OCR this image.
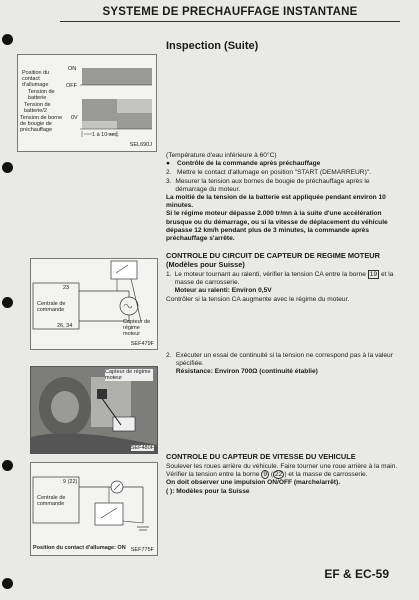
SYSTEME DE PRECHAUFFAGE INSTANTANE
Inspection (Suite)
Position du contact d'allumage
ON
OFF
Tension de batterie
Tension de batterie/2
Tension de borne de bougie de préchauffage
0V
1 à 10 sec.
SEL690J
(Température d'eau inférieure à 60°C)
● Contrôle de la commande après préchauffage
2. Mettre le contact d'allumage en position "START (DEMARREUR)".
3. Mesurer la tension aux bornes de bougie de préchauffage après le démarrage du moteur.
La moitié de la tension de la batterie est appliquée pendant environ 10 minutes.
Si le régime moteur dépasse 2.000 tr/mn à la suite d'une accélération brusque ou du démarrage, ou si la vitesse de déplacement du véhicule dépasse 12 km/h pendant plus de 3 minutes, la commande après préchauffage s'arrête.
23
Centrale de commande
26, 34
Capteur de régime moteur
SEF479F
CONTROLE DU CIRCUIT DE CAPTEUR DE REGIME MOTEUR (Modèles pour Suisse)
1. Le moteur tournant au ralenti, vérifier la tension CA entre la borne 19 et la masse de carrosserie.
Moteur au ralenti: Environ 0,5V
Contrôler si la tension CA augmente avec le régime du moteur.
Capteur de régime moteur
SEF480F
2. Exécuter un essai de continuité si la tension ne correspond pas à la valeur spécifiée.
Résistance: Environ 700Ω (continuité établie)
9 (22)
Centrale de commande
Position du contact d'allumage: ON SEF775F
CONTROLE DU CAPTEUR DE VITESSE DU VEHICULE
Soulever les roues arrière du véhicule. Faire tourner une roue arrière à la main.
Vérifier la tension entre la borne 9 ( 22 ) et la masse de carrosserie.
On doit observer une impulsion ON/OFF (marche/arrêt).
( ): Modèles pour la Suisse
EF & EC-59
